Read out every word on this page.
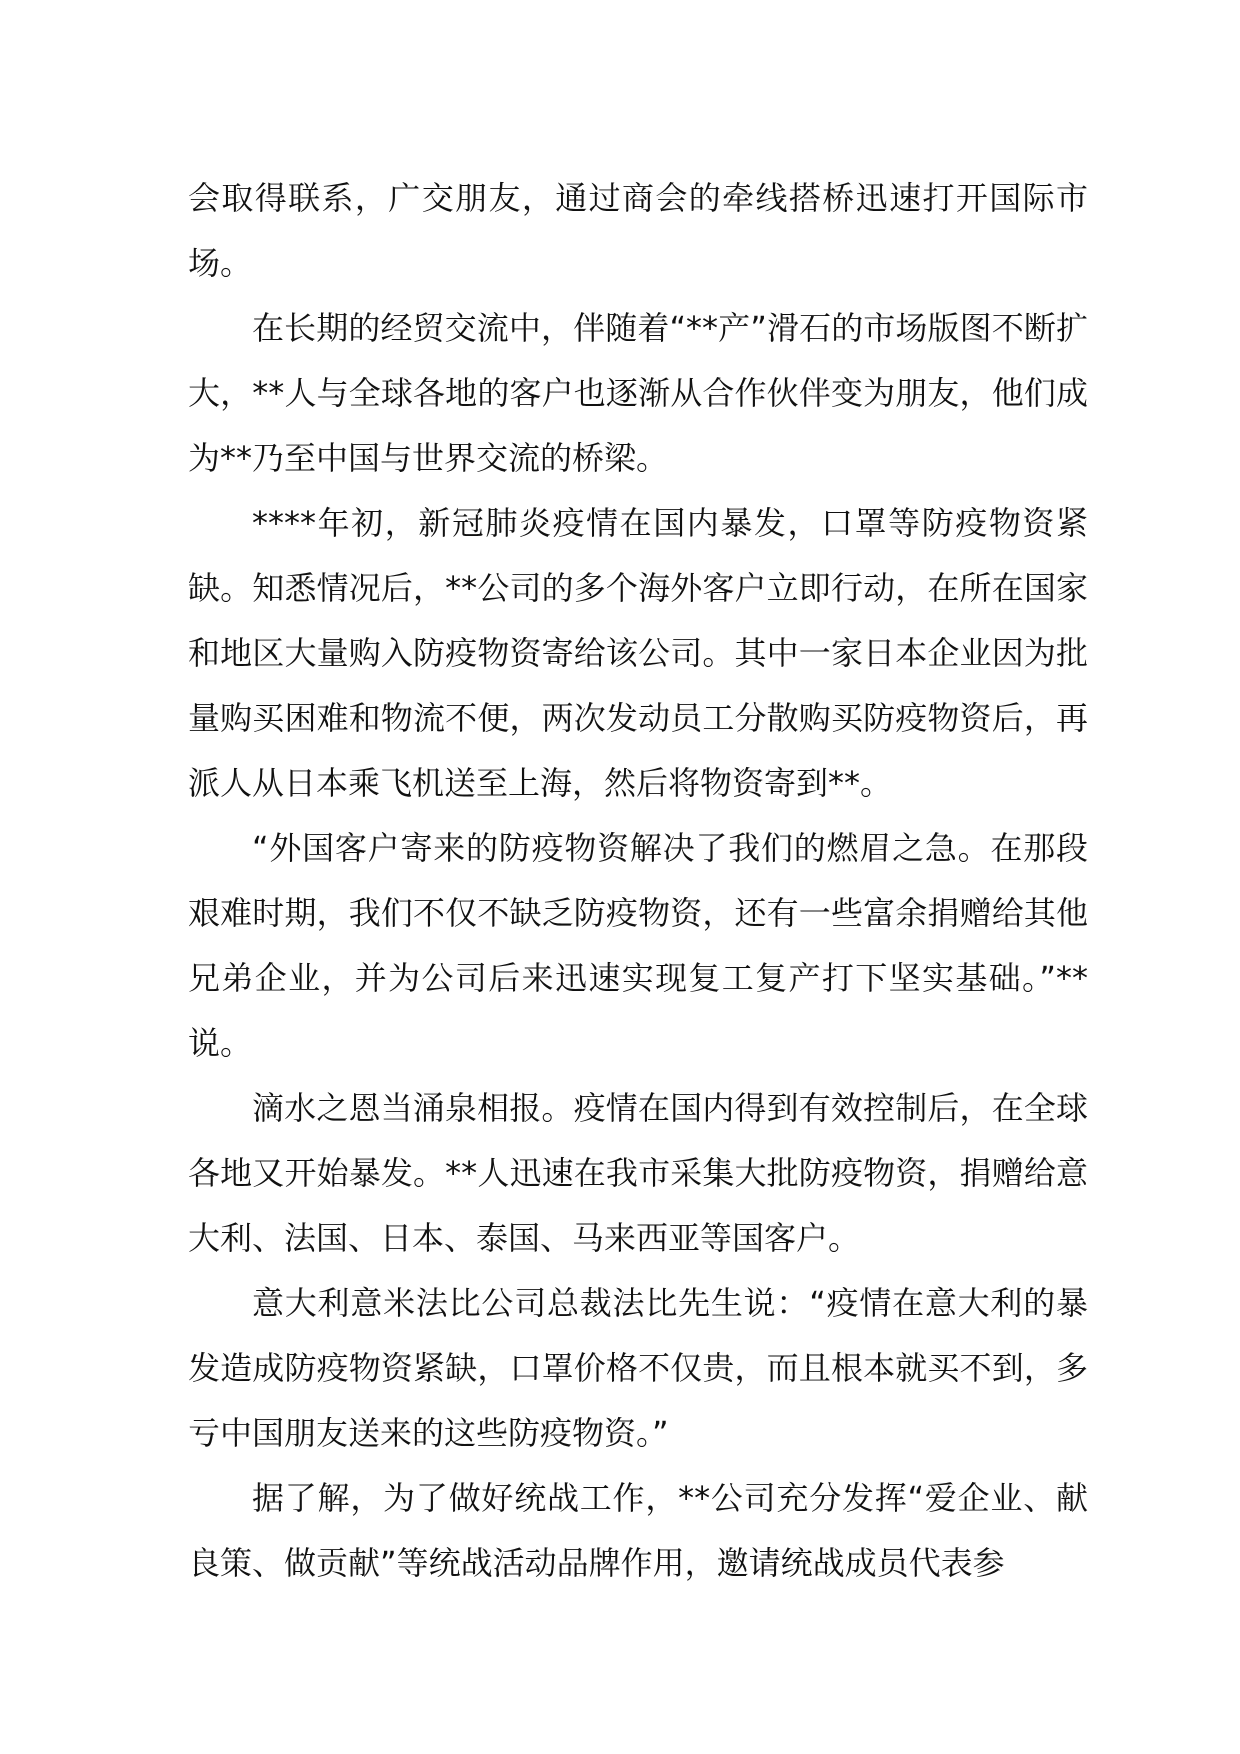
会取得联系，广交朋友，通过商会的牵线搭桥迅速打开国际市场。

在长期的经贸交流中，伴随着“**产”滑石的市场版图不断扩大，**人与全球各地的客户也逐渐从合作伙伴变为朋友，他们成为**乃至中国与世界交流的桥梁。

****年初，新冠肺炎疫情在国内暴发，口罩等防疫物资紧缺。知悉情况后，**公司的多个海外客户立即行动，在所在国家和地区大量购入防疫物资寄给该公司。其中一家日本企业因为批量购买困难和物流不便，两次发动员工分散购买防疫物资后，再派人从日本乘飞机送至上海，然后将物资寄到**。

“外国客户寄来的防疫物资解决了我们的燃眉之急。在那段艰难时期，我们不仅不缺乏防疫物资，还有一些富余捐赠给其他兄弟企业，并为公司后来迅速实现复工复产打下坚实基础。”**说。

滴水之恩当涌泉相报。疫情在国内得到有效控制后，在全球各地又开始暴发。**人迅速在我市采集大批防疫物资，捐赠给意大利、法国、日本、泰国、马来西亚等国客户。

意大利意米法比公司总裁法比先生说：“疫情在意大利的暴发造成防疫物资紧缺，口罩价格不仅贵，而且根本就买不到，多亏中国朋友送来的这些防疫物资。”

据了解，为了做好统战工作，**公司充分发挥“爱企业、献良策、做贡献”等统战活动品牌作用，邀请统战成员代表参
